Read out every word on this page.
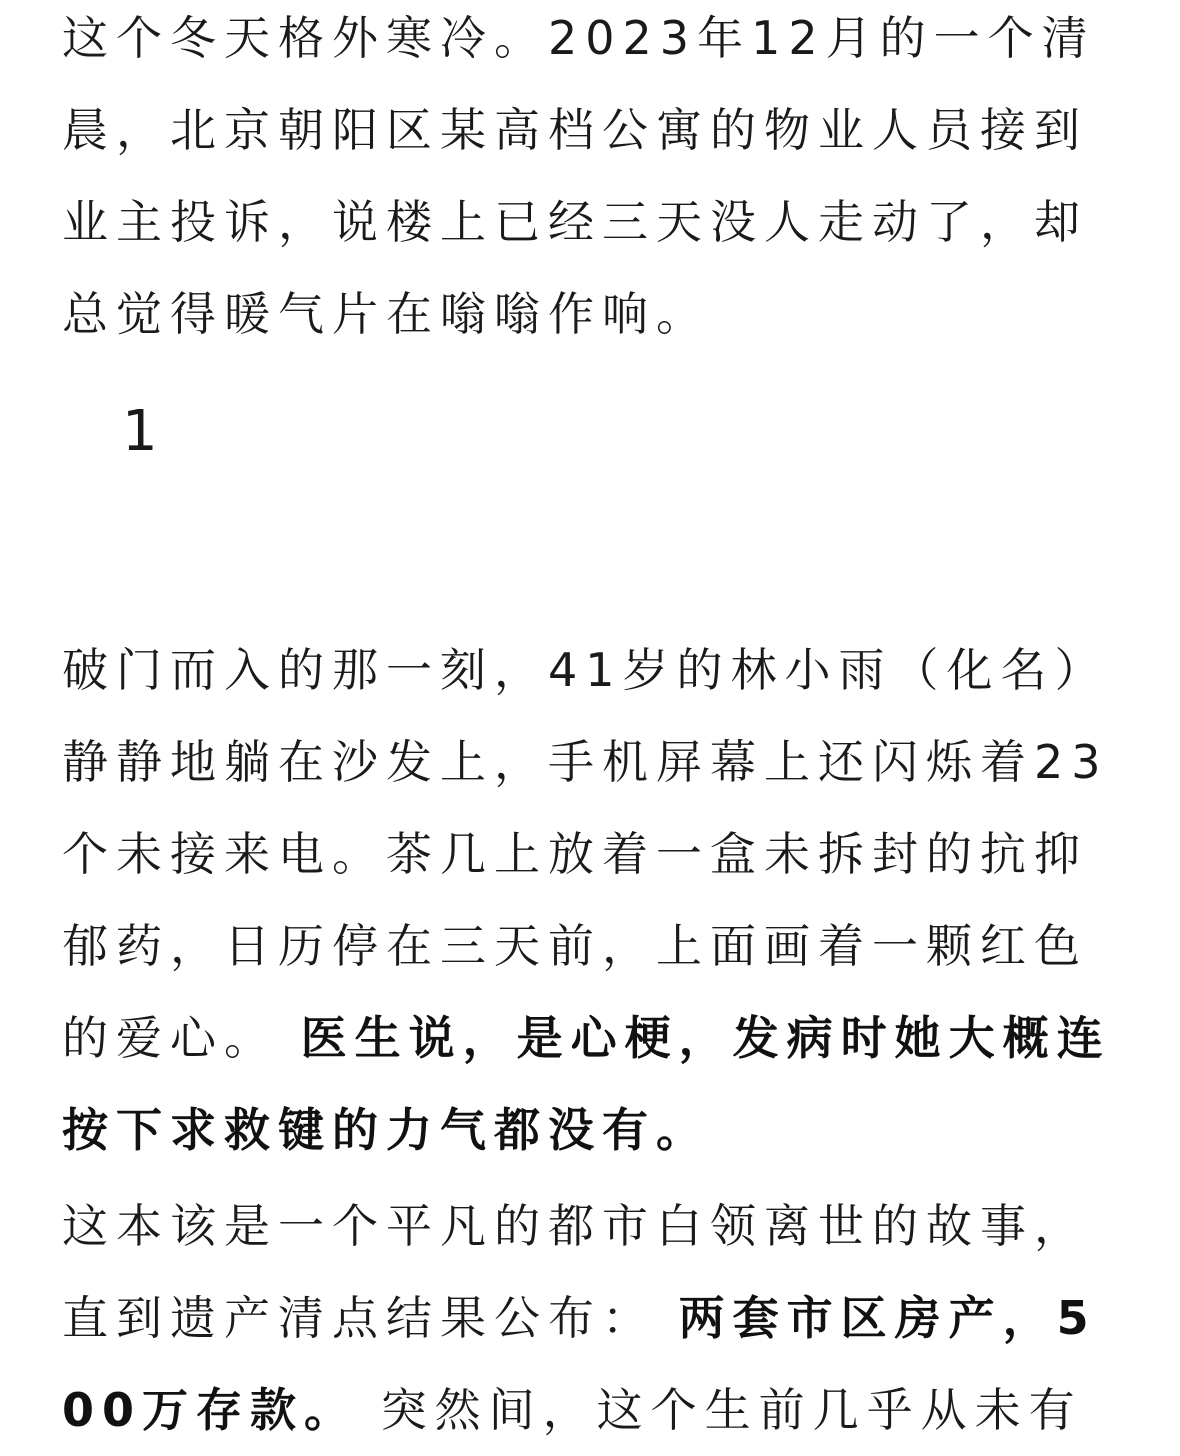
这个冬天格外寒冷。2023年12月的一个清晨，北京朝阳区某高档公寓的物业人员接到业主投诉，说楼上已经三天没人走动了，却总觉得暖气片在嗡嗡作响。

1

破门而入的那一刻，41岁的林小雨（化名）静静地躺在沙发上，手机屏幕上还闪烁着23个未接来电。茶几上放着一盒未拆封的抗抑郁药，日历停在三天前，上面画着一颗红色的爱心。 医生说，是心梗，发病时她大概连按下求救键的力气都没有。

这本该是一个平凡的都市白领离世的故事，直到遗产清点结果公布： 两套市区房产，500万存款。 突然间，这个生前几乎从未有
